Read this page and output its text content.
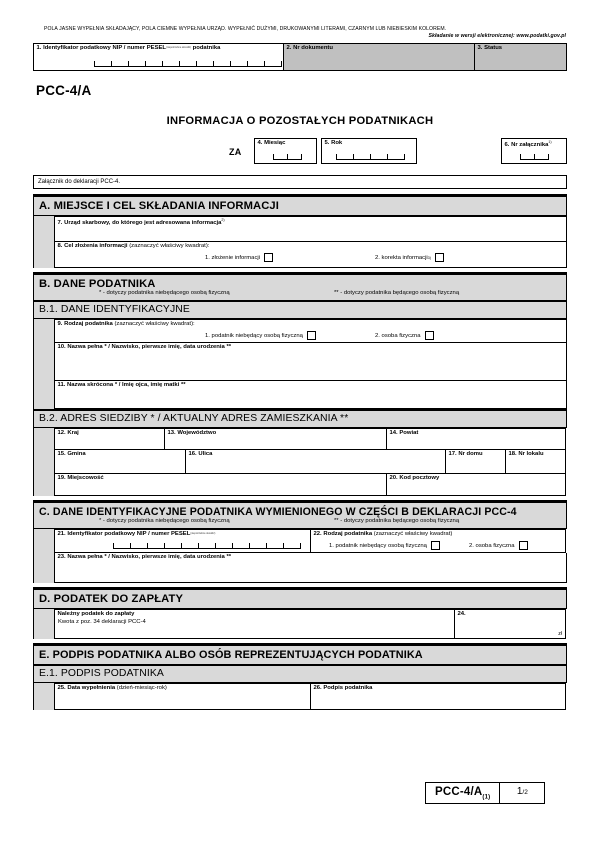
POLA JASNE WYPEŁNIA SKŁADAJĄCY, POLA CIEMNE WYPEŁNIA URZĄD. WYPEŁNIĆ DUŻYMI, DRUKOWANYMI LITERAMI, CZARNYM LUB NIEBIESKIM KOLOREM.
Składanie w wersji elektronicznej: www.podatki.gov.pl
1. Identyfikator podatkowy NIP / numer PESEL(niepotrzebne skreślić) podatnika	2. Nr dokumentu	3. Status
PCC-4/A
INFORMACJA O POZOSTAŁYCH PODATNIKACH
ZA
4. Miesiąc	5. Rok	6. Nr załącznika$^{1)}$
Załącznik do deklaracji PCC-4.
A. MIEJSCE I CEL SKŁADANIA INFORMACJI
7. Urząd skarbowy, do którego jest adresowana informacja$^{2)}$
8. Cel złożenia informacji (zaznaczyć właściwy kwadrat):
1. złożenie informacji	2. korekta informacji 3)
B. DANE PODATNIKA
* - dotyczy podatnika niebędącego osobą fizyczną	** - dotyczy podatnika będącego osobą fizyczną
B.1. DANE IDENTYFIKACYJNE
9. Rodzaj podatnika (zaznaczyć właściwy kwadrat):
1. podatnik niebędący osobą fizyczną	2. osoba fizyczna
10. Nazwa pełna * / Nazwisko, pierwsze imię, data urodzenia **
11. Nazwa skrócona * / Imię ojca, imię matki **
B.2. ADRES SIEDZIBY * / AKTUALNY ADRES ZAMIESZKANIA **
12. Kraj	13. Województwo	14. Powiat
15. Gmina	16. Ulica	17. Nr domu	18. Nr lokalu
19. Miejscowość	20. Kod pocztowy
C. DANE IDENTYFIKACYJNE PODATNIKA WYMIENIONEGO W CZĘŚCI B DEKLARACJI PCC-4
* - dotyczy podatnika niebędącego osobą fizyczną	** - dotyczy podatnika będącego osobą fizyczną
21. Identyfikator podatkowy NIP / numer PESEL(niepotrzebne skreślić)	22. Rodzaj podatnika (zaznaczyć właściwy kwadrat)
1. podatnik niebędący osobą fizyczną	2. osoba fizyczna
23. Nazwa pełna * / Nazwisko, pierwsze imię, data urodzenia **
D. PODATEK DO ZAPŁATY
Należny podatek do zapłaty
Kwota z poz. 34 deklaracji PCC-4
24.
zł
E. PODPIS PODATNIKA ALBO OSÓB REPREZENTUJĄCYCH PODATNIKA
E.1. PODPIS PODATNIKA
25. Data wypełnienia (dzień-miesiąc-rok)	26. Podpis podatnika
PCC-$4/A_{(1)}$
1/2
